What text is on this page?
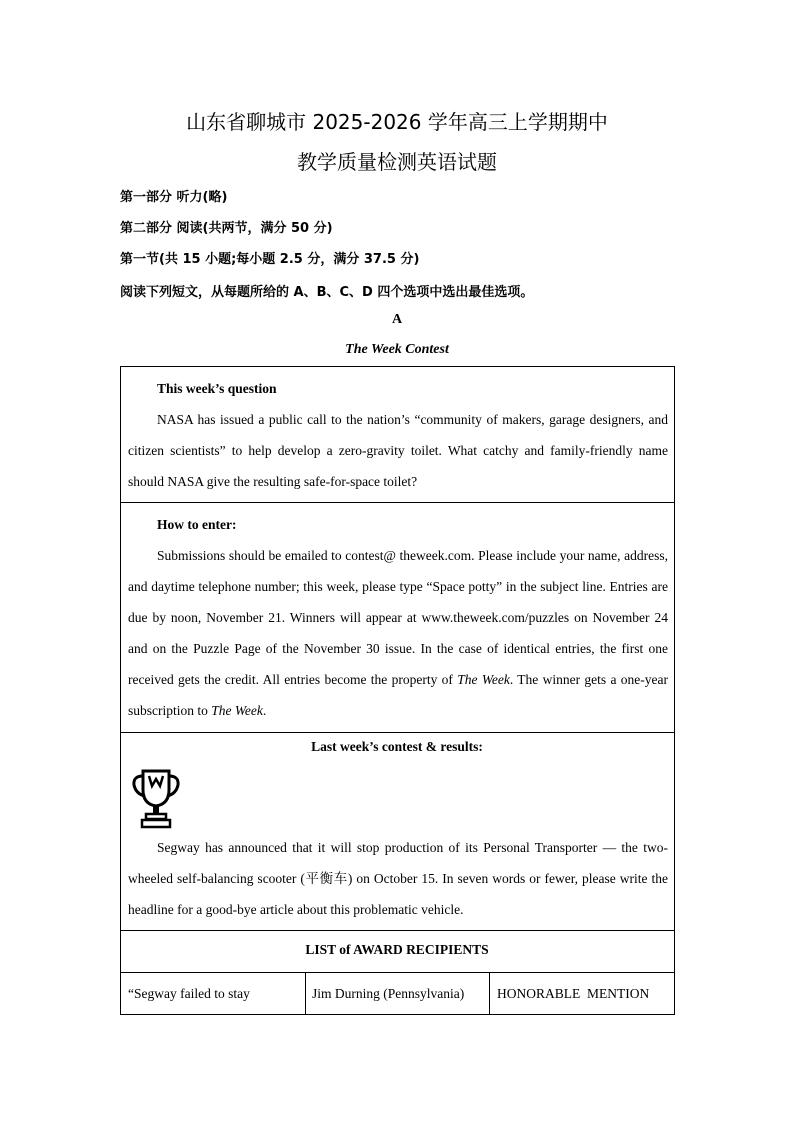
山东省聊城市 2025-2026 学年高三上学期期中
教学质量检测英语试题
第一部分 听力(略)
第二部分 阅读(共两节，满分 50 分)
第一节(共 15 小题;每小题 2.5 分，满分 37.5 分)
阅读下列短文，从每题所给的 A、B、C、D 四个选项中选出最佳选项。
A
The Week Contest
This week’s question
NASA has issued a public call to the nation’s “community of makers, garage designers, and citizen scientists” to help develop a zero-gravity toilet. What catchy and family-friendly name should NASA give the resulting safe-for-space toilet?
How to enter:
Submissions should be emailed to contest@ theweek.com. Please include your name, address, and daytime telephone number; this week, please type “Space potty” in the subject line. Entries are due by noon, November 21. Winners will appear at www.theweek.com/puzzles on November 24 and on the Puzzle Page of the November 30 issue. In the case of identical entries, the first one received gets the credit. All entries become the property of The Week. The winner gets a one-year subscription to The Week.
Last week’s contest & results:
Segway has announced that it will stop production of its Personal Transporter — the two-wheeled self-balancing scooter (平衡车) on October 15. In seven words or fewer, please write the headline for a good-bye article about this problematic vehicle.
LIST of AWARD RECIPIENTS
“Segway failed to stay	Jim Durning (Pennsylvania) HONORABLE  MENTION
